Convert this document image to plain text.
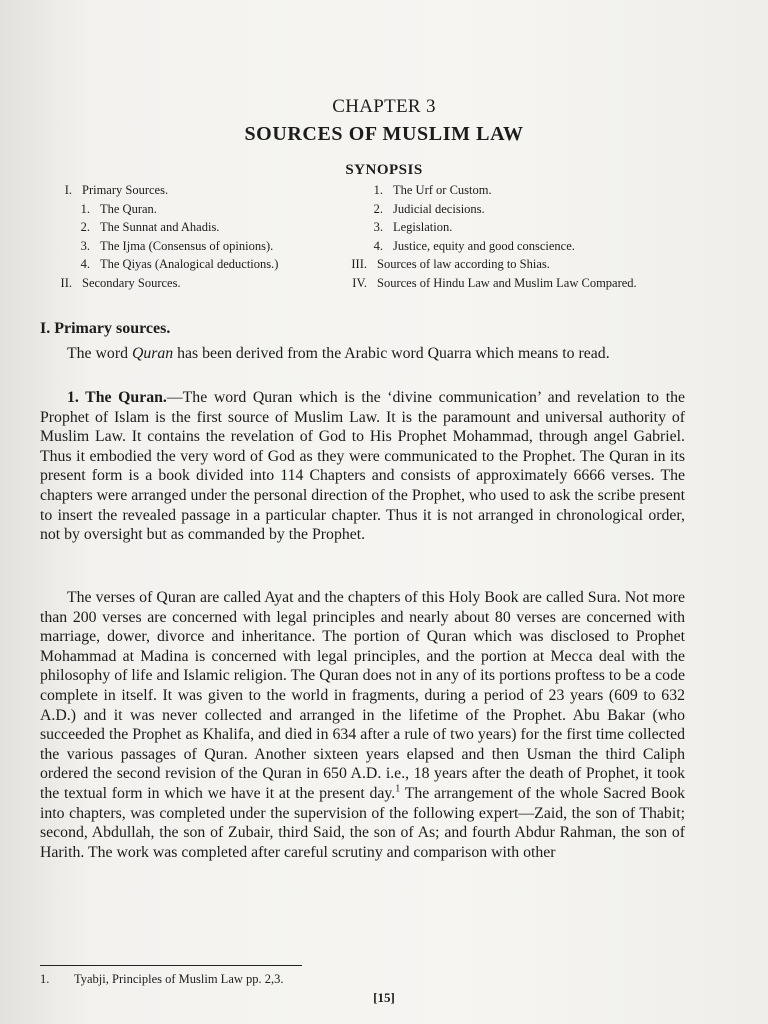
CHAPTER 3
SOURCES OF MUSLIM LAW
SYNOPSIS
I. Primary Sources.
1. The Quran.
2. The Sunnat and Ahadis.
3. The Ijma (Consensus of opinions).
4. The Qiyas (Analogical deductions.)
II. Secondary Sources.
1. The Urf or Custom.
2. Judicial decisions.
3. Legislation.
4. Justice, equity and good conscience.
III. Sources of law according to Shias.
IV. Sources of Hindu Law and Muslim Law Compared.
I. Primary sources.
The word Quran has been derived from the Arabic word Quarra which means to read.
1. The Quran.—The word Quran which is the ‘divine communication’ and revelation to the Prophet of Islam is the first source of Muslim Law. It is the paramount and universal authority of Muslim Law. It contains the revelation of God to His Prophet Mohammad, through angel Gabriel. Thus it embodied the very word of God as they were communicated to the Prophet. The Quran in its present form is a book divided into 114 Chapters and consists of approximately 6666 verses. The chapters were arranged under the personal direction of the Prophet, who used to ask the scribe present to insert the revealed passage in a particular chapter. Thus it is not arranged in chronological order, not by oversight but as commanded by the Prophet.
The verses of Quran are called Ayat and the chapters of this Holy Book are called Sura. Not more than 200 verses are concerned with legal principles and nearly about 80 verses are concerned with marriage, dower, divorce and inheritance. The portion of Quran which was disclosed to Prophet Mohammad at Madina is concerned with legal principles, and the portion at Mecca deal with the philosophy of life and Islamic religion. The Quran does not in any of its portions proftess to be a code complete in itself. It was given to the world in fragments, during a period of 23 years (609 to 632 A.D.) and it was never collected and arranged in the lifetime of the Prophet. Abu Bakar (who succeeded the Prophet as Khalifa, and died in 634 after a rule of two years) for the first time collected the various passages of Quran. Another sixteen years elapsed and then Usman the third Caliph ordered the second revision of the Quran in 650 A.D. i.e., 18 years after the death of Prophet, it took the textual form in which we have it at the present day.$^1$ The arrangement of the whole Sacred Book into chapters, was completed under the supervision of the following expert—Zaid, the son of Thabit; second, Abdullah, the son of Zubair, third Said, the son of As; and fourth Abdur Rahman, the son of Harith. The work was completed after careful scrutiny and comparison with other
1. Tyabji, Principles of Muslim Law pp. 2,3.
[15]
